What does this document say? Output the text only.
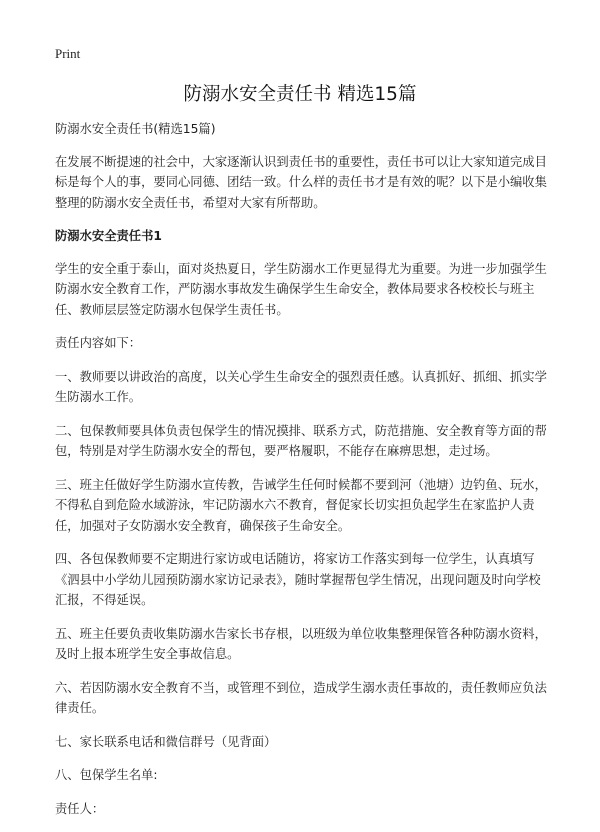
Print
防溺水安全责任书 精选15篇

防溺水安全责任书(精选15篇)

在发展不断提速的社会中，大家逐渐认识到责任书的重要性，责任书可以让大家知道完成目标是每个人的事，要同心同德、团结一致。什么样的责任书才是有效的呢？以下是小编收集整理的防溺水安全责任书，希望对大家有所帮助。

防溺水安全责任书1

学生的安全重于泰山，面对炎热夏日，学生防溺水工作更显得尤为重要。为进一步加强学生防溺水安全教育工作，严防溺水事故发生确保学生生命安全，教体局要求各校校长与班主任、教师层层签定防溺水包保学生责任书。

责任内容如下：

一、教师要以讲政治的高度，以关心学生生命安全的强烈责任感。认真抓好、抓细、抓实学生防溺水工作。

二、包保教师要具体负责包保学生的情况摸排、联系方式，防范措施、安全教育等方面的帮包，特别是对学生防溺水安全的帮包，要严格履职，不能存在麻痹思想，走过场。

三、班主任做好学生防溺水宣传教，告诫学生任何时候都不要到河（池塘）边钓鱼、玩水，不得私自到危险水域游泳，牢记防溺水六不教育，督促家长切实担负起学生在家监护人责任，加强对子女防溺水安全教育，确保孩子生命安全。

四、各包保教师要不定期进行家访或电话随访，将家访工作落实到每一位学生，认真填写《泗县中小学幼儿园预防溺水家访记录表》，随时掌握帮包学生情况，出现问题及时向学校汇报，不得延误。

五、班主任要负责收集防溺水告家长书存根，以班级为单位收集整理保管各种防溺水资料，及时上报本班学生安全事故信息。

六、若因防溺水安全教育不当，或管理不到位，造成学生溺水责任事故的，责任教师应负法律责任。

七、家长联系电话和微信群号（见背面）

八、包保学生名单:

责任人：
